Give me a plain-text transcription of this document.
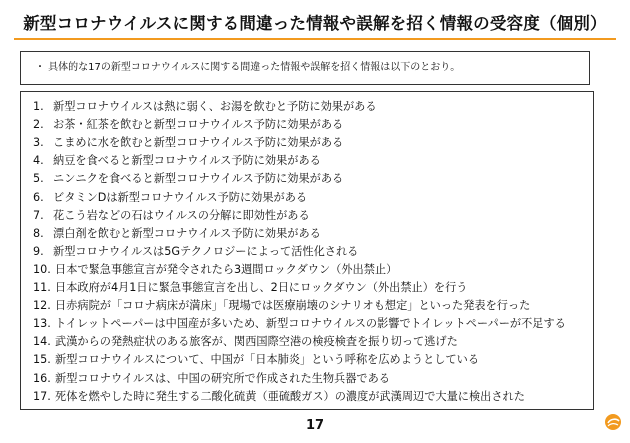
新型コロナウイルスに関する間違った情報や誤解を招く情報の受容度（個別）
・ 具体的な17の新型コロナウイルスに関する間違った情報や誤解を招く情報は以下のとおり。
1. 新型コロナウイルスは熱に弱く、お湯を飲むと予防に効果がある
2. お茶・紅茶を飲むと新型コロナウイルス予防に効果がある
3. こまめに水を飲むと新型コロナウイルス予防に効果がある
4. 納豆を食べると新型コロナウイルス予防に効果がある
5. ニンニクを食べると新型コロナウイルス予防に効果がある
6. ビタミンDは新型コロナウイルス予防に効果がある
7. 花こう岩などの石はウイルスの分解に即効性がある
8. 漂白剤を飲むと新型コロナウイルス予防に効果がある
9. 新型コロナウイルスは5Gテクノロジーによって活性化される
10. 日本で緊急事態宣言が発令されたら3週間ロックダウン（外出禁止）
11. 日本政府が4月1日に緊急事態宣言を出し、2日にロックダウン（外出禁止）を行う
12. 日赤病院が「コロナ病床が満床」「現場では医療崩壊のシナリオも想定」といった発表を行った
13. トイレットペーパーは中国産が多いため、新型コロナウイルスの影響でトイレットペーパーが不足する
14. 武漢からの発熱症状のある旅客が、関西国際空港の検疫検査を振り切って逃げた
15. 新型コロナウイルスについて、中国が「日本肺炎」という呼称を広めようとしている
16. 新型コロナウイルスは、中国の研究所で作成された生物兵器である
17. 死体を燃やした時に発生する二酸化硫黄（亜硫酸ガス）の濃度が武漢周辺で大量に検出された
17
